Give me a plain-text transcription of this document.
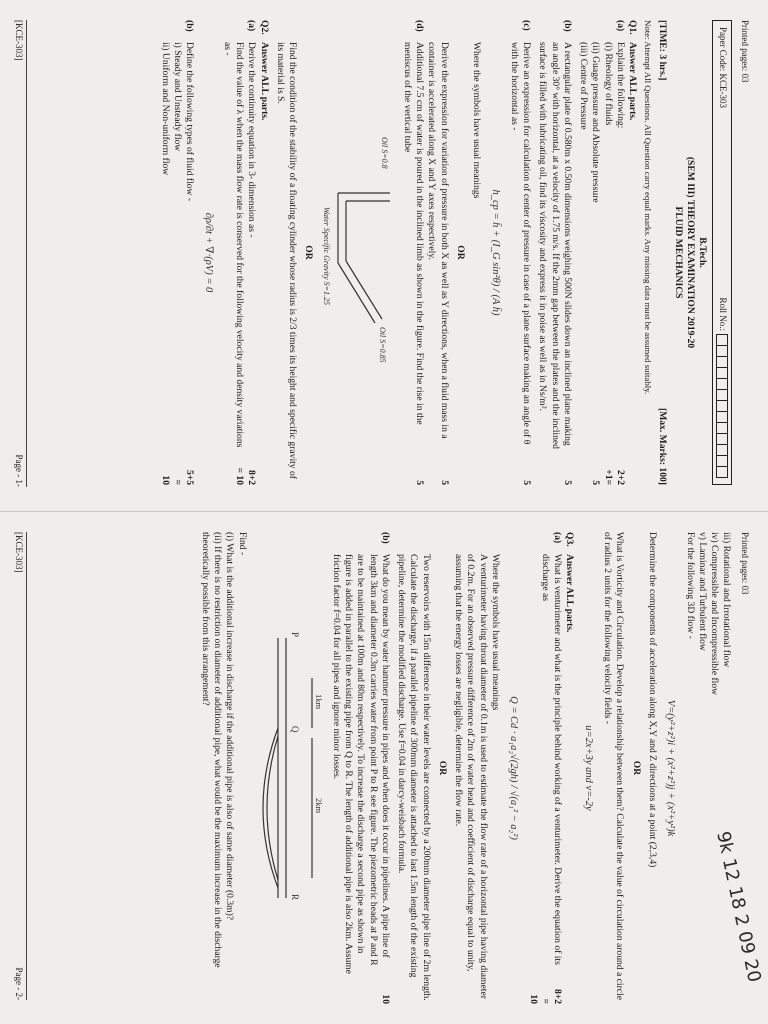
Printed pages: 03
Paper Code: KCE-303
Roll No.:
B.Tech.
(SEM III) THEORY EXAMINATION 2019-20
FLUID MECHANICS
[TIME: 3 hrs.]
[Max. Marks: 100]
Note: Attempt All Questions. All Question carry equal marks. Any missing data must be assumed suitably.
Q1.
Answer ALL parts.
(a)
Explain the following:
2+2
(i) Rheology of fluids
+1=
(ii) Guage pressure and Absolute pressure
5
(iii) Centre of Pressure
(b)
A rectangular plate of 0.580m x 0.50m dimensions weighing 500N slides down an inclined plane making an angle 30° with horizontal, at a velocity of 1.75 m/s. If the 2mm gap between the plates and the inclined surface is filled with lubricating oil, find its viscosity and express it in poise as well as in Ns/m².
5
(c)
Derive an expression for calculation of center of pressure in case of a plane surface making an angle of θ with the horizontal as -
5
h_cp = h̄ + (I_G sin²θ) / (A h̄)
Where the symbols have usual meanings
OR
Derive the expression for variation of pressure in both X as well as Y directions, when a fluid mass in a container is accelerated along X and Y axes respectively.
5
(d)
Additional 7.5 cm of water is poured in the inclined limb as shown in the figure. Find the rise in the meniscus of the vertical tube
5
Oil S=0.8
Oil S=0.85
Water Specific Gravity S=1.25
OR
Find the condition of the stability of a floating cylinder whose radius is 2/3 times its height and specific gravity of its material is S.
Q2.
Answer ALL parts.
(a)
Derive the continuity equation in 3- dimension as -
8+2
Find the value of λ when the mass flow rate is conserved for the following velocity and density variations as -
= 10
∂ρ/∂t + ∇·(ρV) = 0
(b)
Define the following types of fluid flow -
5+5
i) Steady and Unsteady flow
=
ii) Uniform and Non-uniform flow
10
[KCE-303]
Page - 1-
Printed pages: 03
9k 12 18 2 09 20
iii) Rotational and Irrotational flow
iv) Compressible and Incompressible flow
v) Laminar and Turbulent flow
For the following 3D flow -
V=(y²+z²)i + (x²+z²)j + (x²+y²)k
Determine the components of acceleration along X,Y and Z directions at a point (2,3,4)
OR
What is Vorticity and Circulation. Develop a relationship between them? Calculate the value of circulation around a circle of radius 2 units for the following velocity fields -
u=2x+3y and v=-2y
Q3.
Answer ALL parts.
(a)
What is venturimeter and what is the principle behind working of a venturimeter. Derive the equation of its discharge as
8+2
=
10
Q = Cd · a₁a₂√(2gh) / √(a₁² − a₂²)
Where the symbols have usual meanings
A venturimeter having throat diameter of 0.1m is used to estimate the flow rate of a horizontal pipe having diameter of 0.2m. For an observed pressure difference of 2m of water head and coefficient of discharge equal to unity, assuming that the energy losses are negligible, determine the flow rate.
OR
Two reservoirs with 15m difference in their water levels are connected by a 200mm diameter pipe line of 2m length. Calculate the discharge, if a parallel pipeline of 300mm diameter is attached to last 1.5m length of the existing pipeline, determine the modified discharge. Use f=0.04 in darcy-weisbach formula.
(b)
What do you mean by water hammer pressure in pipes and when does it occur in pipelines. A pipe line of length 3km and diameter 0.3m carries water from point P to R see figure. The piezometric heads at P and R are to be maintained at 100m and 80m respectively. To increase the discharge a second pipe as shown in figure is added in parallel to the existing pipe from Q to R. The length of additional pipe is also 2km. Assume friction factor f=0.04 for all pipes and ignore minor losses.
10
1km
2km
P
Q
R
Find -
(i) What is the additional increase in discharge if the additional pipe is also of same diameter (0.3m)?
(ii) If there is no restriction on diameter of additional pipe, what would be the maximum increase in the discharge theoretically possible from this arrangement?
[KCE-303]
Page - 2-
